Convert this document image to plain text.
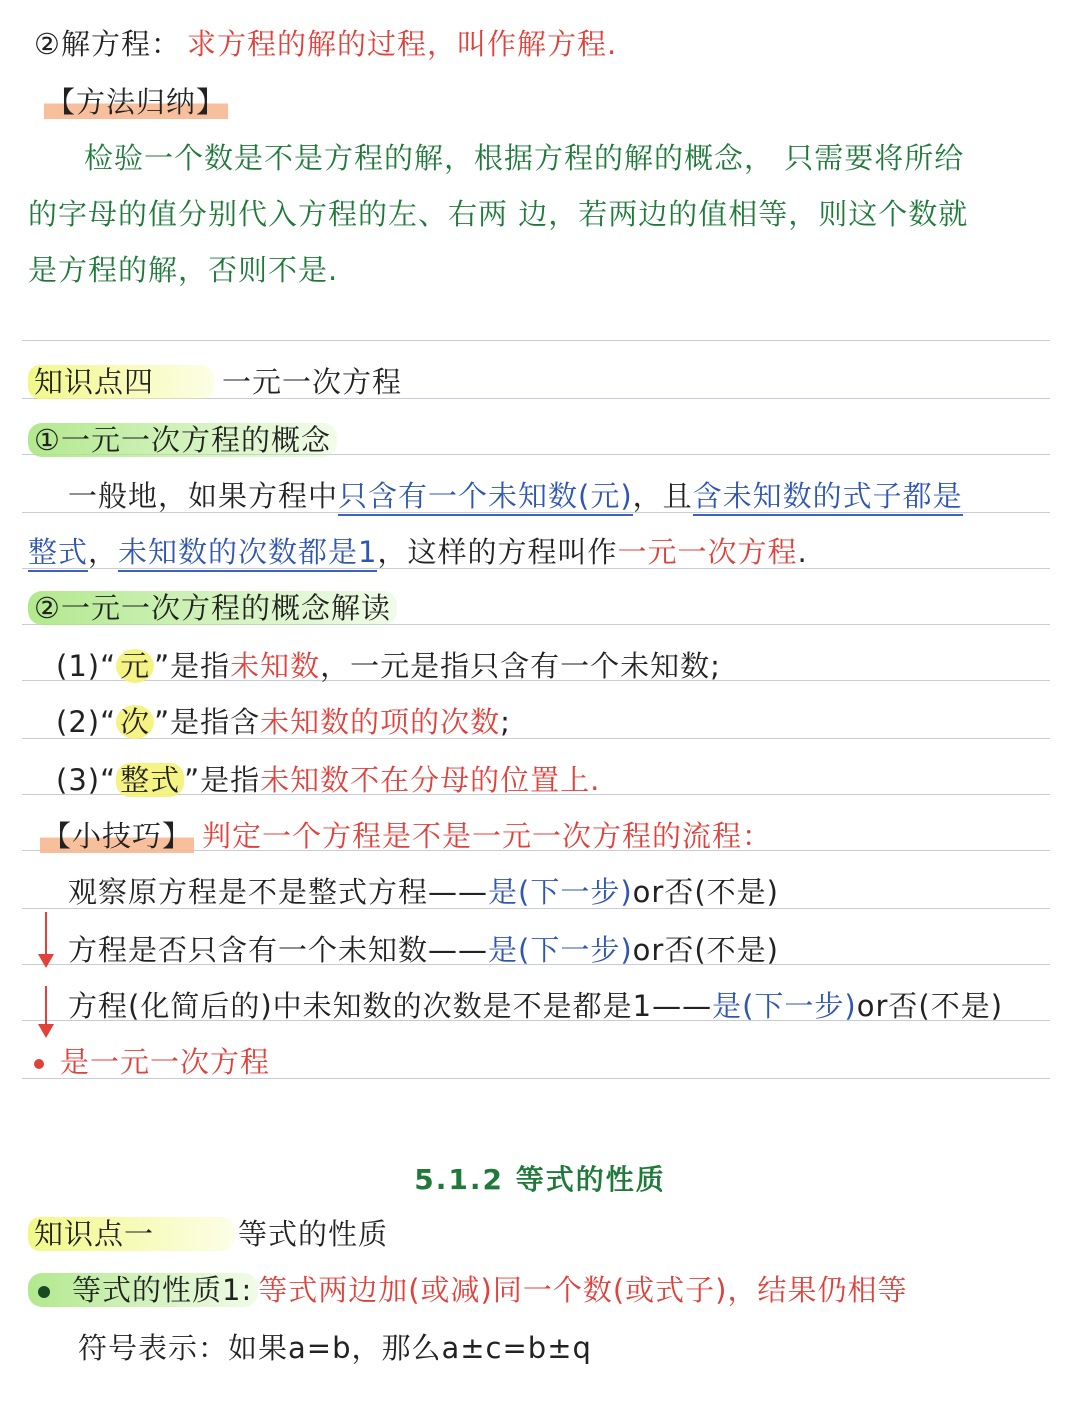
②解方程： 求方程的解的过程，叫作解方程.
【方法归纳】
检验一个数是不是方程的解，根据方程的解的概念， 只需要将所给
的字母的值分别代入方程的左、右两 边，若两边的值相等，则这个数就
是方程的解，否则不是.
知识点四 一元一次方程
①一元一次方程的概念
一般地，如果方程中只含有一个未知数(元)，且含未知数的式子都是
整式，未知数的次数都是1，这样的方程叫作一元一次方程.
②一元一次方程的概念解读
(1)“ 元 ”是指未知数，一元是指只含有一个未知数;
(2)“ 次 ”是指含未知数的项的次数;
(3)“ 整式 ”是指未知数不在分母的位置上.
【小技巧】 判定一个方程是不是一元一次方程的流程：
观察原方程是不是整式方程——是(下一步)or否(不是)
方程是否只含有一个未知数——是(下一步)or否(不是)
方程(化简后的)中未知数的次数是不是都是1——是(下一步)or否(不是)
是一元一次方程
5.1.2 等式的性质
知识点一	等式的性质
等式的性质1: 等式两边加(或减)同一个数(或式子)，结果仍相等
符号表示：如果a=b，那么a±c=b±q
